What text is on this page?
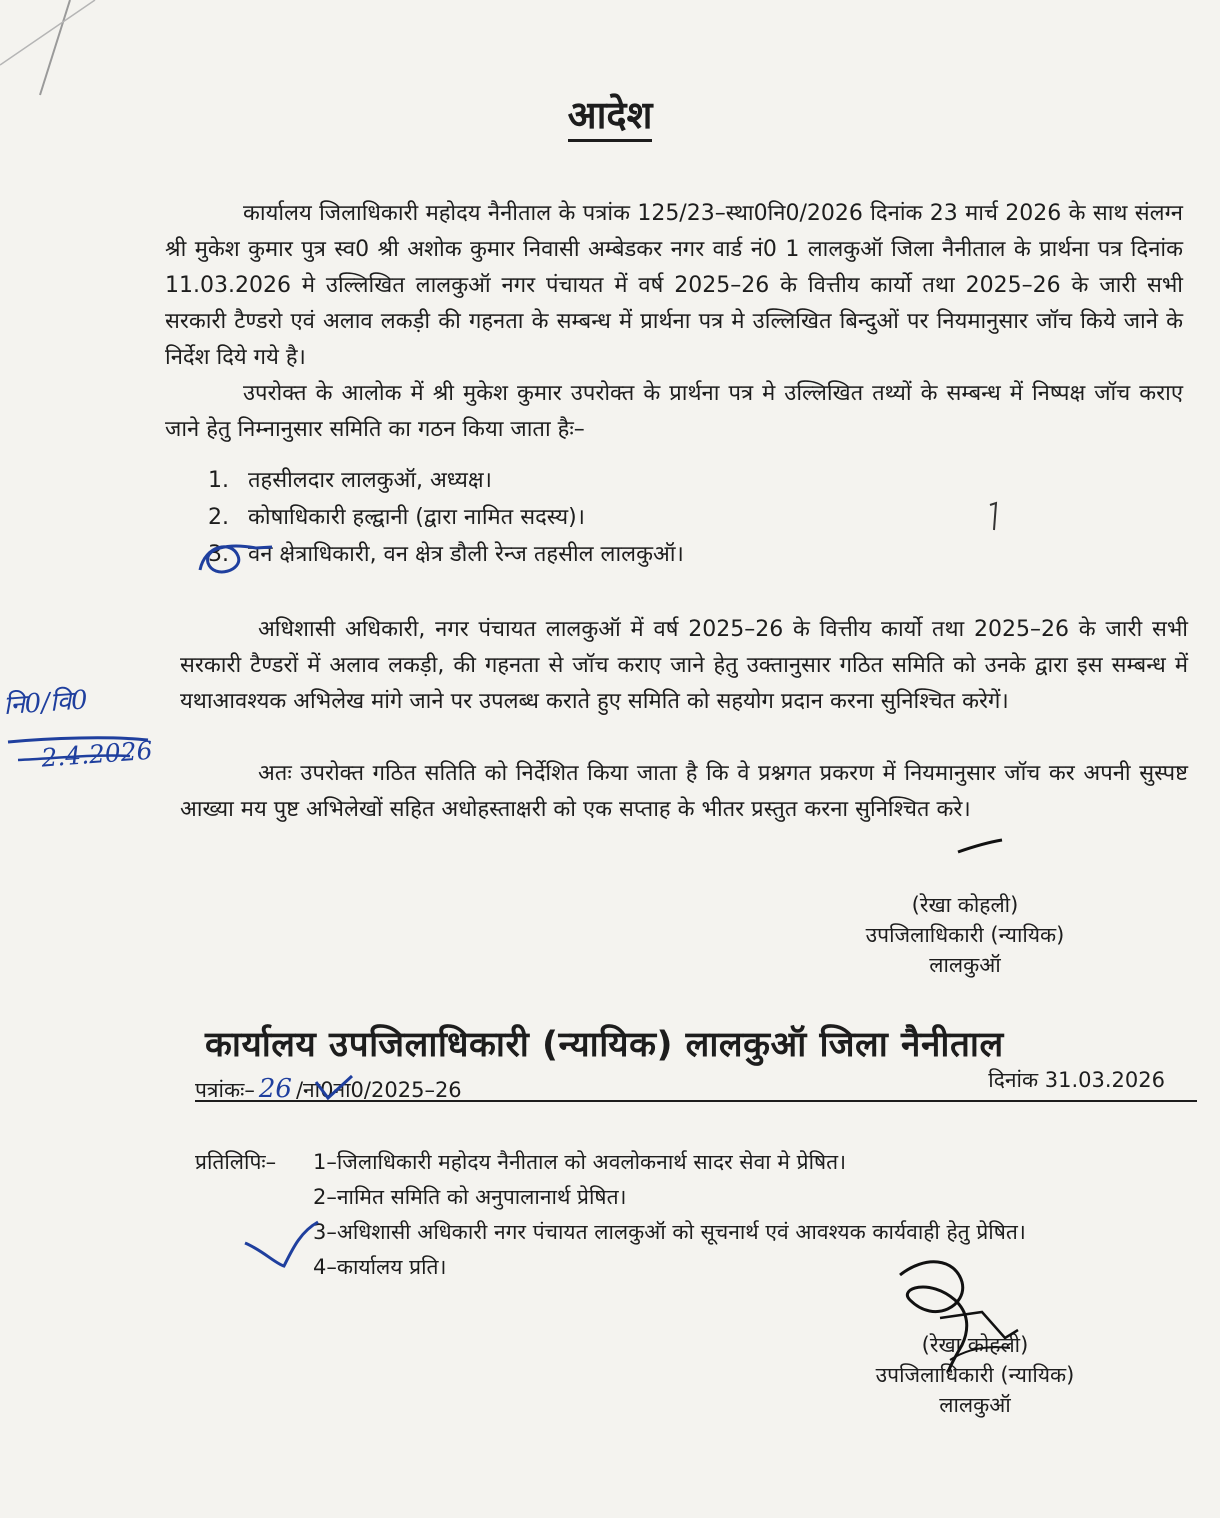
आदेश
कार्यालय जिलाधिकारी महोदय नैनीताल के पत्रांक 125/23–स्था0नि0/2026 दिनांक 23 मार्च 2026 के साथ संलग्न श्री मुकेश कुमार पुत्र स्व0 श्री अशोक कुमार निवासी अम्बेडकर नगर वार्ड नं0 1 लालकुऑ जिला नैनीताल के प्रार्थना पत्र दिनांक 11.03.2026 मे उल्लिखित लालकुऑ नगर पंचायत में वर्ष 2025–26 के वित्तीय कार्यो तथा 2025–26 के जारी सभी सरकारी टैण्डरो एवं अलाव लकड़ी की गहनता के सम्बन्ध में प्रार्थना पत्र मे उल्लिखित बिन्दुओं पर नियमानुसार जॉच किये जाने के निर्देश दिये गये है।
उपरोक्त के आलोक में श्री मुकेश कुमार उपरोक्त के प्रार्थना पत्र मे उल्लिखित तथ्यों के सम्बन्ध में निष्पक्ष जॉच कराए जाने हेतु निम्नानुसार समिति का गठन किया जाता हैः–
1. तहसीलदार लालकुऑ, अध्यक्ष।
2. कोषाधिकारी हल्द्वानी (द्वारा नामित सदस्य)।
3. वन क्षेत्राधिकारी, वन क्षेत्र डौली रेन्ज तहसील लालकुऑ।
अधिशासी अधिकारी, नगर पंचायत लालकुऑ में वर्ष 2025–26 के वित्तीय कार्यो तथा 2025–26 के जारी सभी सरकारी टैण्डरों में अलाव लकड़ी, की गहनता से जॉच कराए जाने हेतु उक्तानुसार गठित समिति को उनके द्वारा इस सम्बन्ध में यथाआवश्यक अभिलेख मांगे जाने पर उपलब्ध कराते हुए समिति को सहयोग प्रदान करना सुनिश्चित करेगें।
अतः उपरोक्त गठित सतिति को निर्देशित किया जाता है कि वे प्रश्नगत प्रकरण में नियमानुसार जॉच कर अपनी सुस्पष्ट आख्या मय पुष्ट अभिलेखों सहित अधोहस्ताक्षरी को एक सप्ताह के भीतर प्रस्तुत करना सुनिश्चित करे।
(रेखा कोहली)
उपजिलाधिकारी (न्यायिक)
लालकुऑ
कार्यालय उपजिलाधिकारी (न्यायिक) लालकुऑ जिला नैनीताल
पत्रांकः– 26 /ना0ना0/2025–26	दिनांक 31.03.2026
प्रतिलिपिः– 1–जिलाधिकारी महोदय नैनीताल को अवलोकनार्थ सादर सेवा मे प्रेषित।
2–नामित समिति को अनुपालानार्थ प्रेषित।
3–अधिशासी अधिकारी नगर पंचायत लालकुऑ को सूचनार्थ एवं आवश्यक कार्यवाही हेतु प्रेषित।
4–कार्यालय प्रति।
(रेखा कोहली)
उपजिलाधिकारी (न्यायिक)
लालकुऑ
नि0/वि0
2.4.2026
